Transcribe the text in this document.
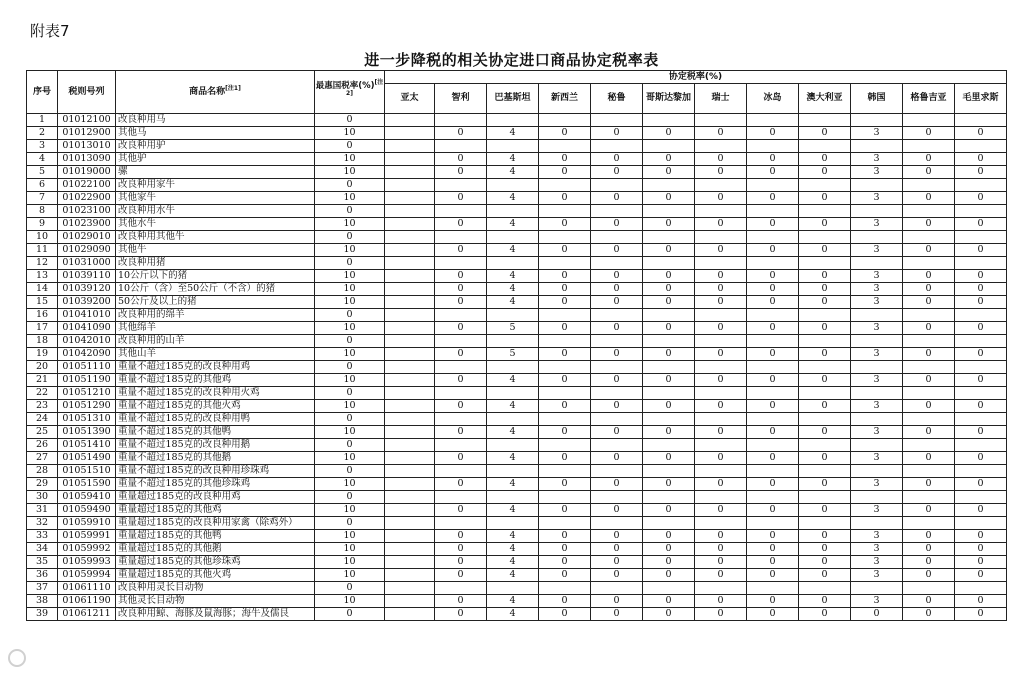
附表7
进一步降税的相关协定进口商品协定税率表
序号	税则号列	商品名称[注1]	最惠国税率(%)[注2]	协定税率(%)											
				亚太	智利	巴基斯坦	新西兰	秘鲁	哥斯达黎加	瑞士	冰岛	澳大利亚	韩国	格鲁吉亚	毛里求斯
1	01012100	改良种用马	0												
2	01012900	其他马	10		0	4	0	0	0	0	0	0	3	0	0
3	01013010	改良种用驴	0												
4	01013090	其他驴	10		0	4	0	0	0	0	0	0	3	0	0
5	01019000	骡	10		0	4	0	0	0	0	0	0	3	0	0
6	01022100	改良种用家牛	0												
7	01022900	其他家牛	10		0	4	0	0	0	0	0	0	3	0	0
8	01023100	改良种用水牛	0												
9	01023900	其他水牛	10		0	4	0	0	0	0	0	0	3	0	0
10	01029010	改良种用其他牛	0												
11	01029090	其他牛	10		0	4	0	0	0	0	0	0	3	0	0
12	01031000	改良种用猪	0												
13	01039110	10公斤以下的猪	10		0	4	0	0	0	0	0	0	3	0	0
14	01039120	10公斤（含）至50公斤（不含）的猪	10		0	4	0	0	0	0	0	0	3	0	0
15	01039200	50公斤及以上的猪	10		0	4	0	0	0	0	0	0	3	0	0
16	01041010	改良种用的绵羊	0												
17	01041090	其他绵羊	10		0	5	0	0	0	0	0	0	3	0	0
18	01042010	改良种用的山羊	0												
19	01042090	其他山羊	10		0	5	0	0	0	0	0	0	3	0	0
20	01051110	重量不超过185克的改良种用鸡	0												
21	01051190	重量不超过185克的其他鸡	10		0	4	0	0	0	0	0	0	3	0	0
22	01051210	重量不超过185克的改良种用火鸡	0												
23	01051290	重量不超过185克的其他火鸡	10		0	4	0	0	0	0	0	0	3	0	0
24	01051310	重量不超过185克的改良种用鸭	0												
25	01051390	重量不超过185克的其他鸭	10		0	4	0	0	0	0	0	0	3	0	0
26	01051410	重量不超过185克的改良种用鹅	0												
27	01051490	重量不超过185克的其他鹅	10		0	4	0	0	0	0	0	0	3	0	0
28	01051510	重量不超过185克的改良种用珍珠鸡	0												
29	01051590	重量不超过185克的其他珍珠鸡	10		0	4	0	0	0	0	0	0	3	0	0
30	01059410	重量超过185克的改良种用鸡	0												
31	01059490	重量超过185克的其他鸡	10		0	4	0	0	0	0	0	0	3	0	0
32	01059910	重量超过185克的改良种用家禽（除鸡外）	0												
33	01059991	重量超过185克的其他鸭	10		0	4	0	0	0	0	0	0	3	0	0
34	01059992	重量超过185克的其他鹅	10		0	4	0	0	0	0	0	0	3	0	0
35	01059993	重量超过185克的其他珍珠鸡	10		0	4	0	0	0	0	0	0	3	0	0
36	01059994	重量超过185克的其他火鸡	10		0	4	0	0	0	0	0	0	3	0	0
37	01061110	改良种用灵长目动物	0												
38	01061190	其他灵长目动物	10		0	4	0	0	0	0	0	0	3	0	0
39	01061211	改良种用鲸、海豚及鼠海豚；海牛及儒艮	0		0	4	0	0	0	0	0	0	0	0	0
